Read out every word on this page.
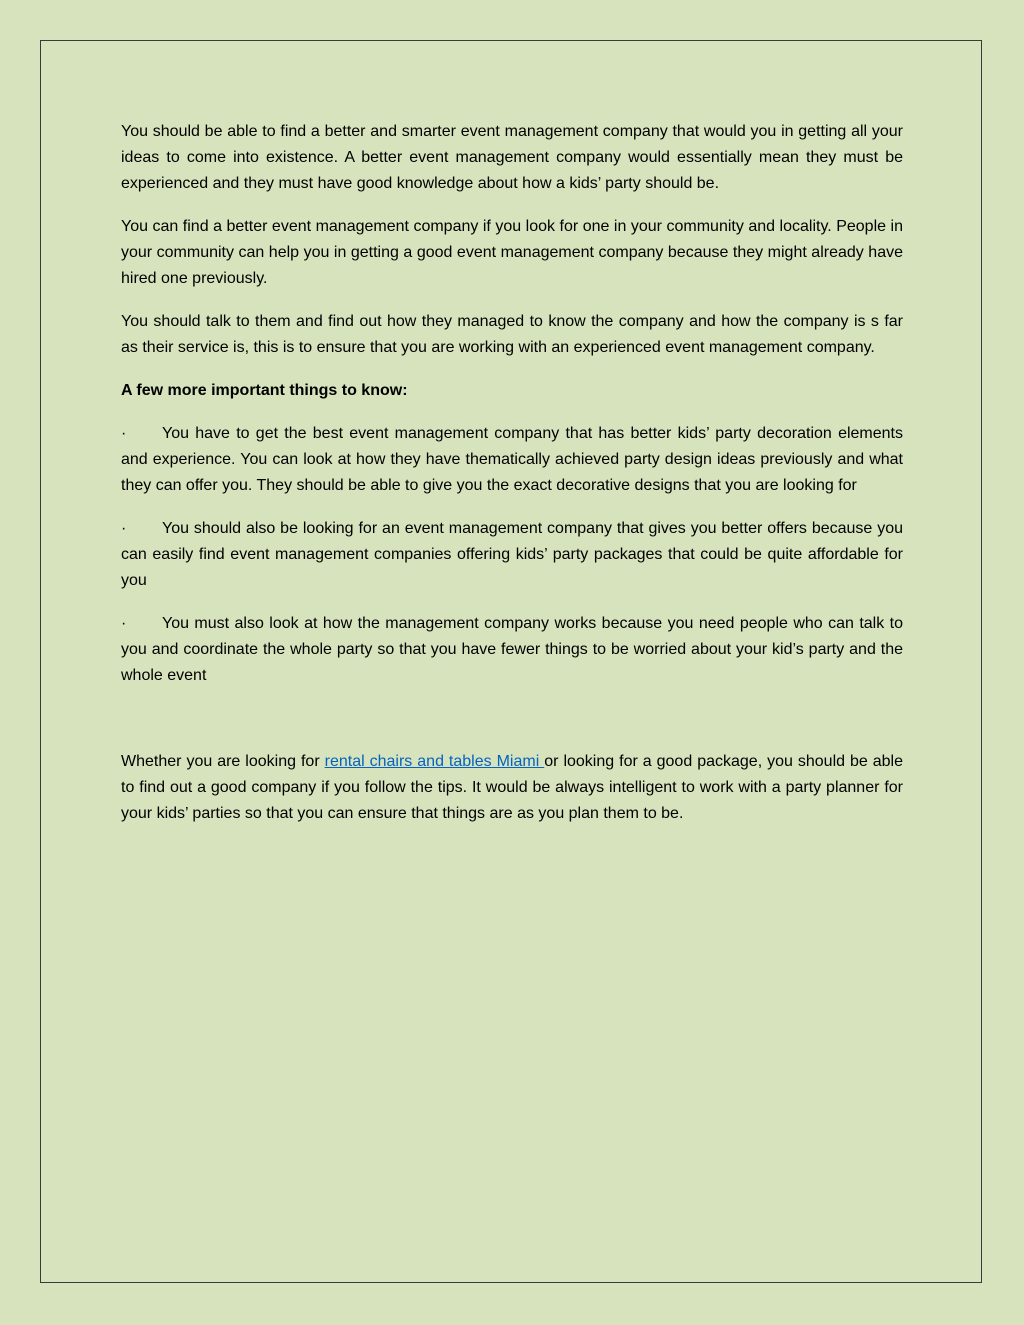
You should be able to find a better and smarter event management company that would you in getting all your ideas to come into existence. A better event management company would essentially mean they must be experienced and they must have good knowledge about how a kids’ party should be.

You can find a better event management company if you look for one in your community and locality. People in your community can help you in getting a good event management company because they might already have hired one previously.

You should talk to them and find out how they managed to know the company and how the company is s far as their service is, this is to ensure that you are working with an experienced event management company.

A few more important things to know:

· You have to get the best event management company that has better kids’ party decoration elements and experience. You can look at how they have thematically achieved party design ideas previously and what they can offer you. They should be able to give you the exact decorative designs that you are looking for

· You should also be looking for an event management company that gives you better offers because you can easily find event management companies offering kids’ party packages that could be quite affordable for you

· You must also look at how the management company works because you need people who can talk to you and coordinate the whole party so that you have fewer things to be worried about your kid’s party and the whole event

Whether you are looking for rental chairs and tables Miami or looking for a good package, you should be able to find out a good company if you follow the tips. It would be always intelligent to work with a party planner for your kids’ parties so that you can ensure that things are as you plan them to be.
